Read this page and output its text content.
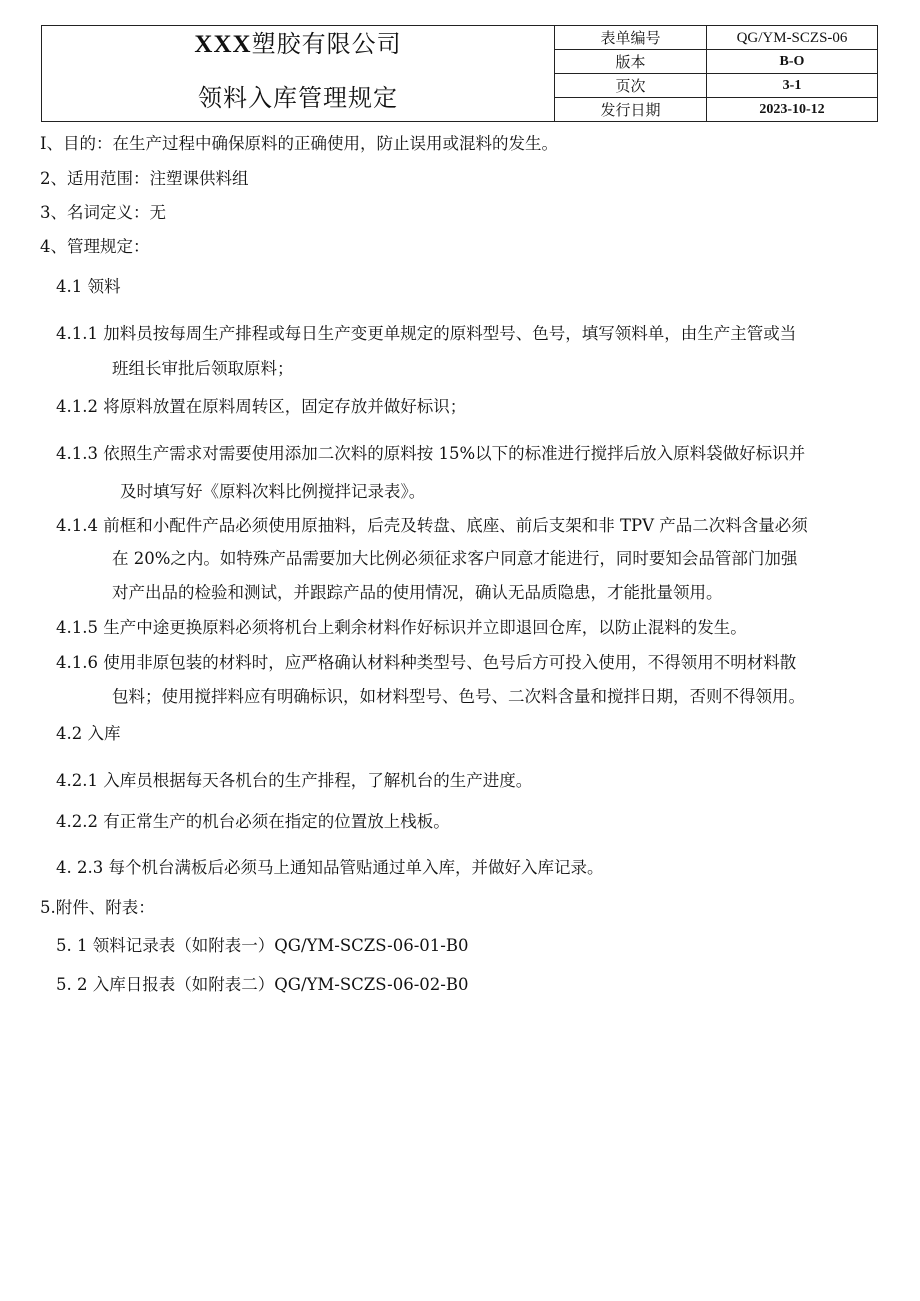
XXX塑胶有限公司
领料入库管理规定	表单编号	QG/YM-SCZS-06
	版本	B-O
	页次	3-1
	发行日期	2023-10-12

I、目的：在生产过程中确保原料的正确使用，防止误用或混料的发生。

2、适用范围：注塑课供料组

3、名词定义：无

4、管理规定：

4.1 领料

4.1.1 加料员按每周生产排程或每日生产变更单规定的原料型号、色号，填写领料单，由生产主管或当

班组长审批后领取原料；

4.1.2 将原料放置在原料周转区，固定存放并做好标识；

4.1.3 依照生产需求对需要使用添加二次料的原料按 15%以下的标准进行搅拌后放入原料袋做好标识并

及时填写好《原料次料比例搅拌记录表》。

4.1.4 前框和小配件产品必须使用原抽料，后壳及转盘、底座、前后支架和非 TPV 产品二次料含量必须

在 20%之内。如特殊产品需要加大比例必须征求客户同意才能进行，同时要知会品管部门加强

对产出品的检验和测试，并跟踪产品的使用情况，确认无品质隐患，才能批量领用。

4.1.5 生产中途更换原料必须将机台上剩余材料作好标识并立即退回仓库，以防止混料的发生。

4.1.6 使用非原包装的材料时，应严格确认材料种类型号、色号后方可投入使用，不得领用不明材料散

包料；使用搅拌料应有明确标识，如材料型号、色号、二次料含量和搅拌日期，否则不得领用。

4.2 入库

4.2.1 入库员根据每天各机台的生产排程，了解机台的生产进度。

4.2.2 有正常生产的机台必须在指定的位置放上栈板。

4. 2.3 每个机台满板后必须马上通知品管贴通过单入库，并做好入库记录。

5.附件、附表：

5. 1 领料记录表（如附表一）QG/YM-SCZS-06-01-B0

5. 2 入库日报表（如附表二）QG/YM-SCZS-06-02-B0
